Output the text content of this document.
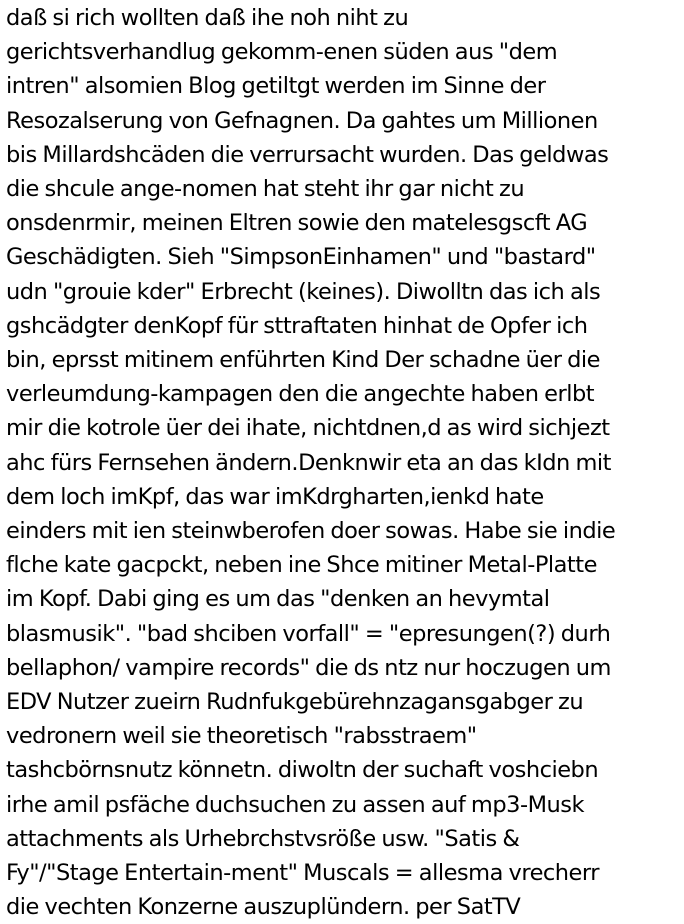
daß si rich wollten daß ihe noh niht zu
gerichtsverhandlug gekomm-enen süden aus "dem
intren" alsomien Blog getiltgt werden im Sinne der
Resozalserung von Gefnagnen. Da gahtes um Millionen
bis Millardshcäden die verrursacht wurden. Das geldwas
die shcule ange-nomen hat steht ihr gar nicht zu
onsdenrmir, meinen Eltren sowie den matelesgscft AG
Geschädigten. Sieh "SimpsonEinhamen" und "bastard"
udn "grouie kder" Erbrecht (keines). Diwolltn das ich als
gshcädgter denKopf für sttraftaten hinhat de Opfer ich
bin, eprsst mitinem enführten Kind Der schadne üer die
verleumdung-kampagen den die angechte haben erlbt
mir die kotrole üer dei ihate, nichtdnen,d as wird sichjezt
ahc fürs Fernsehen ändern.Denknwir eta an das kIdn mit
dem loch imKpf, das war imKdrgharten,ienkd hate
einders mit ien steinwberofen doer sowas. Habe sie indie
flche kate gacpckt, neben ine Shce mitiner Metal-Platte
im Kopf. Dabi ging es um das "denken an hevymtal
blasmusik". "bad shciben vorfall" = "epresungen(?) durh
bellaphon/ vampire records" die ds ntz nur hoczugen um
EDV Nutzer zueirn Rudnfukgebürehnzagansgabger zu
vedronern weil sie theoretisch "rabsstraem"
tashcbörnsnutz könnetn. diwoltn der suchaft voshciebn
irhe amil psfäche duchsuchen zu assen auf mp3-Musk
attachments als Urhebrchstvsröße usw. "Satis &
Fy"/"Stage Entertain-ment" Muscals = allesma vrecherr
die vechten Konzerne auszuplündern. per SatTV
